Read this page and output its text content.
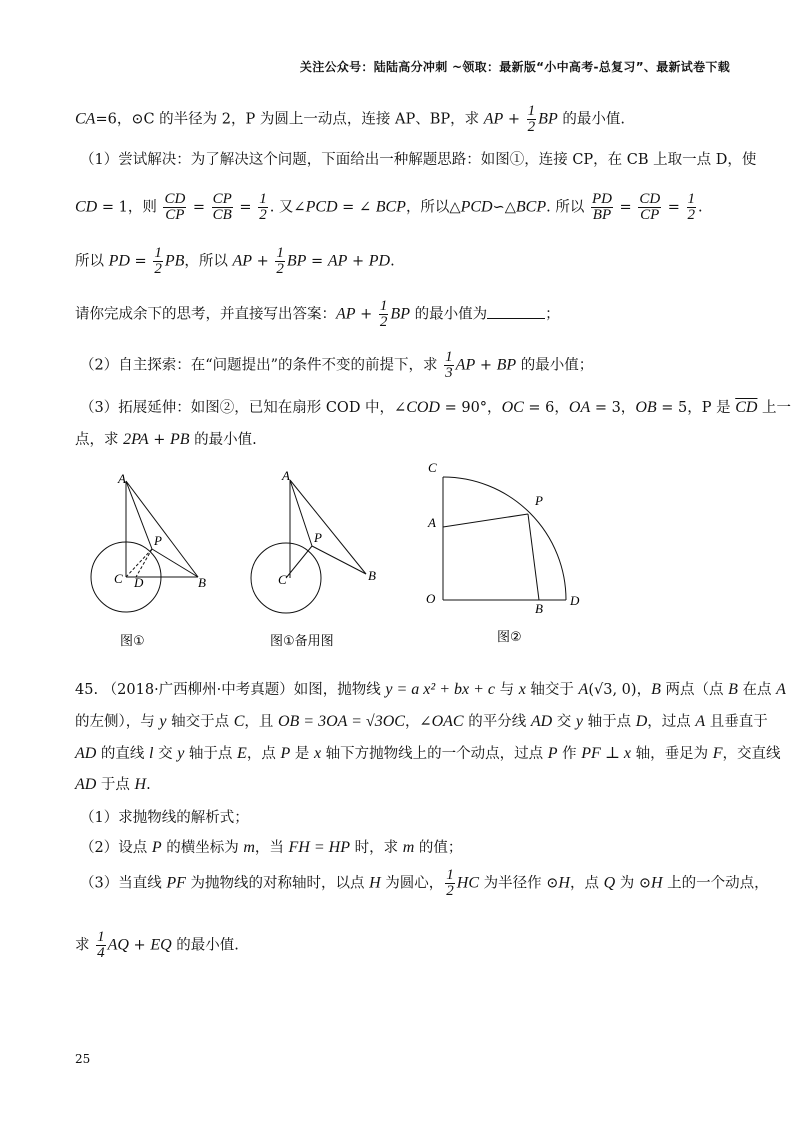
关注公众号：陆陆高分冲刺 ~领取：最新版“小中高考-总复习”、最新试卷下载
CA=6，⊙C 的半径为 2，P 为圆上一动点，连接 AP、BP，求 AP + $\frac{1}{2}$ BP 的最小值.
（1）尝试解决：为了解决这个问题，下面给出一种解题思路：如图①，连接 CP，在 CB 上取一点 D，使
CD = 1，则 $\frac{CD}{CP} = \frac{CP}{CB} = \frac{1}{2}$ . 又∠PCD = ∠ BCP，所以△PCD∽△BCP. 所以 $\frac{PD}{BP} = \frac{CD}{CP} = \frac{1}{2}$ .
所以 PD = $\frac{1}{2}$ PB，所以 AP + $\frac{1}{2}$ BP = AP + PD.
请你完成余下的思考，并直接写出答案：AP + $\frac{1}{2}$ BP 的最小值为	；
（2）自主探索：在“问题提出”的条件不变的前提下，求 $\frac{1}{3}$ AP + BP 的最小值；
（3）拓展延伸：如图②，已知在扇形 COD 中，∠COD = 90°，OC = 6，OA = 3，OB = 5，P 是 $\overline{CD}$ 上一
点，求 2PA + PB 的最小值.
A
P
C D	B
图①
A
P
C	B
图①备用图
C
P
A
O
B
D
图②
45. （2018·广西柳州·中考真题）如图，抛物线 y = a x² + bx + c 与 x 轴交于 A(√3, 0)，B 两点（点 B 在点 A
的左侧），与 y 轴交于点 C，且 OB = 3OA = √3OC，∠OAC 的平分线 AD 交 y 轴于点 D，过点 A 且垂直于
AD 的直线 l 交 y 轴于点 E，点 P 是 x 轴下方抛物线上的一个动点，过点 P 作 PF ⊥ x 轴，垂足为 F，交直线
AD 于点 H.
（1）求抛物线的解析式；
（2）设点 P 的横坐标为 m，当 FH = HP 时，求 m 的值；
（3）当直线 PF 为抛物线的对称轴时，以点 H 为圆心， $\frac{1}{2}$ HC 为半径作 ⊙H，点 Q 为 ⊙H 上的一个动点，
求 $\frac{1}{4}$ AQ + EQ 的最小值.
25
